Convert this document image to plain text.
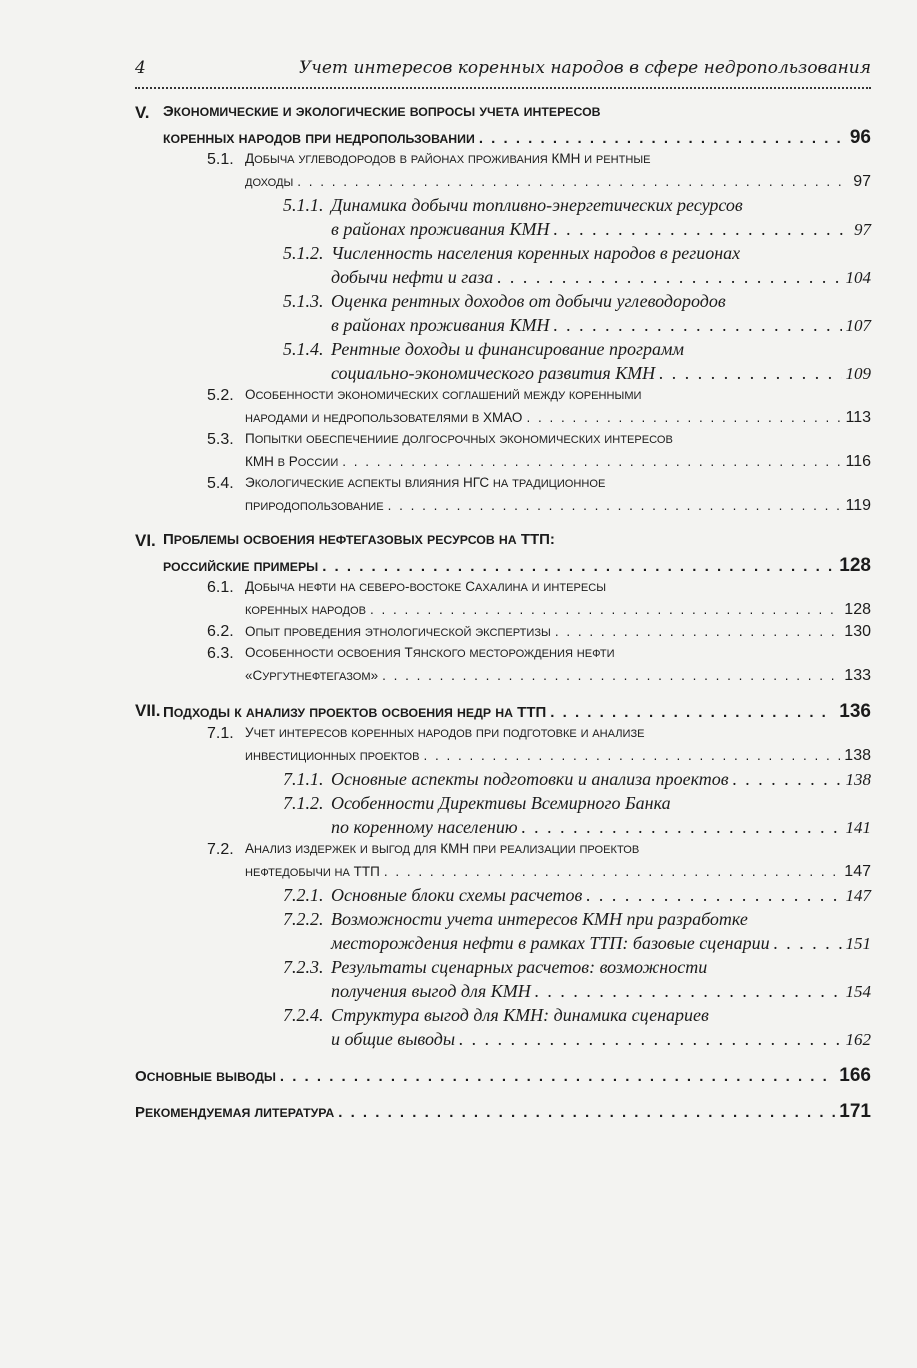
4	Учет интересов коренных народов в сфере недропользования
V. ЭКОНОМИЧЕСКИЕ И ЭКОЛОГИЧЕСКИЕ ВОПРОСЫ УЧЕТА ИНТЕРЕСОВ
КОРЕННЫХ НАРОДОВ ПРИ НЕДРОПОЛЬЗОВАНИИ . . .	96
5.1. ДОБЫЧА УГЛЕВОДОРОДОВ В РАЙОНАХ ПРОЖИВАНИЯ КМН И РЕНТНЫЕ
ДОХОДЫ . . .	97
5.1.1. Динамика добычи топливно-энергетических ресурсов
в районах проживания КМН . . .	97
5.1.2. Численность населения коренных народов в регионах
добычи нефти и газа . . .	104
5.1.3. Оценка рентных доходов от добычи углеводородов
в районах проживания КМН . . .	107
5.1.4. Рентные доходы и финансирование программ
социально-экономического развития КМН . . .	109
5.2. ОСОБЕННОСТИ ЭКОНОМИЧЕСКИХ СОГЛАШЕНИЙ МЕЖДУ КОРЕННЫМИ
НАРОДАМИ И НЕДРОПОЛЬЗОВАТЕЛЯМИ В ХМАО . . .	113
5.3. ПОПЫТКИ ОБЕСПЕЧЕНИИЕ ДОЛГОСРОЧНЫХ ЭКОНОМИЧЕСКИХ ИНТЕРЕСОВ
КМН В РОССИИ . . .	116
5.4. ЭКОЛОГИЧЕСКИЕ АСПЕКТЫ ВЛИЯНИЯ НГС НА ТРАДИЦИОННОЕ
ПРИРОДОПОЛЬЗОВАНИЕ . . .	119
VI. ПРОБЛЕМЫ ОСВОЕНИЯ НЕФТЕГАЗОВЫХ РЕСУРСОВ НА ТТП:
РОССИЙСКИЕ ПРИМЕРЫ . . .	128
6.1. ДОБЫЧА НЕФТИ НА СЕВЕРО-ВОСТОКЕ САХАЛИНА И ИНТЕРЕСЫ
КОРЕННЫХ НАРОДОВ . . .	128
6.2. ОПЫТ ПРОВЕДЕНИЯ ЭТНОЛОГИЧЕСКОЙ ЭКСПЕРТИЗЫ . . .	130
6.3. ОСОБЕННОСТИ ОСВОЕНИЯ ТЯНСКОГО МЕСТОРОЖДЕНИЯ НЕФТИ
«СУРГУТНЕФТЕГАЗОМ» . . .	133
VII. ПОДХОДЫ К АНАЛИЗУ ПРОЕКТОВ ОСВОЕНИЯ НЕДР НА ТТП . . .	136
7.1. УЧЕТ ИНТЕРЕСОВ КОРЕННЫХ НАРОДОВ ПРИ ПОДГОТОВКЕ И АНАЛИЗЕ
ИНВЕСТИЦИОННЫХ ПРОЕКТОВ . . .	138
7.1.1. Основные аспекты подготовки и анализа проектов . . .	138
7.1.2. Особенности Директивы Всемирного Банка
по коренному населению . . .	141
7.2. АНАЛИЗ ИЗДЕРЖЕК И ВЫГОД ДЛЯ КМН ПРИ РЕАЛИЗАЦИИ ПРОЕКТОВ
НЕФТЕДОБЫЧИ НА ТТП . . .	147
7.2.1. Основные блоки схемы расчетов . . .	147
7.2.2. Возможности учета интересов КМН при разработке
месторождения нефти в рамках ТТП: базовые сценарии . . .	151
7.2.3. Результаты сценарных расчетов: возможности
получения выгод для КМН . . .	154
7.2.4. Структура выгод для КМН: динамика сценариев
и общие выводы . . .	162
ОСНОВНЫЕ ВЫВОДЫ . . .	166
РЕКОМЕНДУЕМАЯ ЛИТЕРАТУРА . . .	171
